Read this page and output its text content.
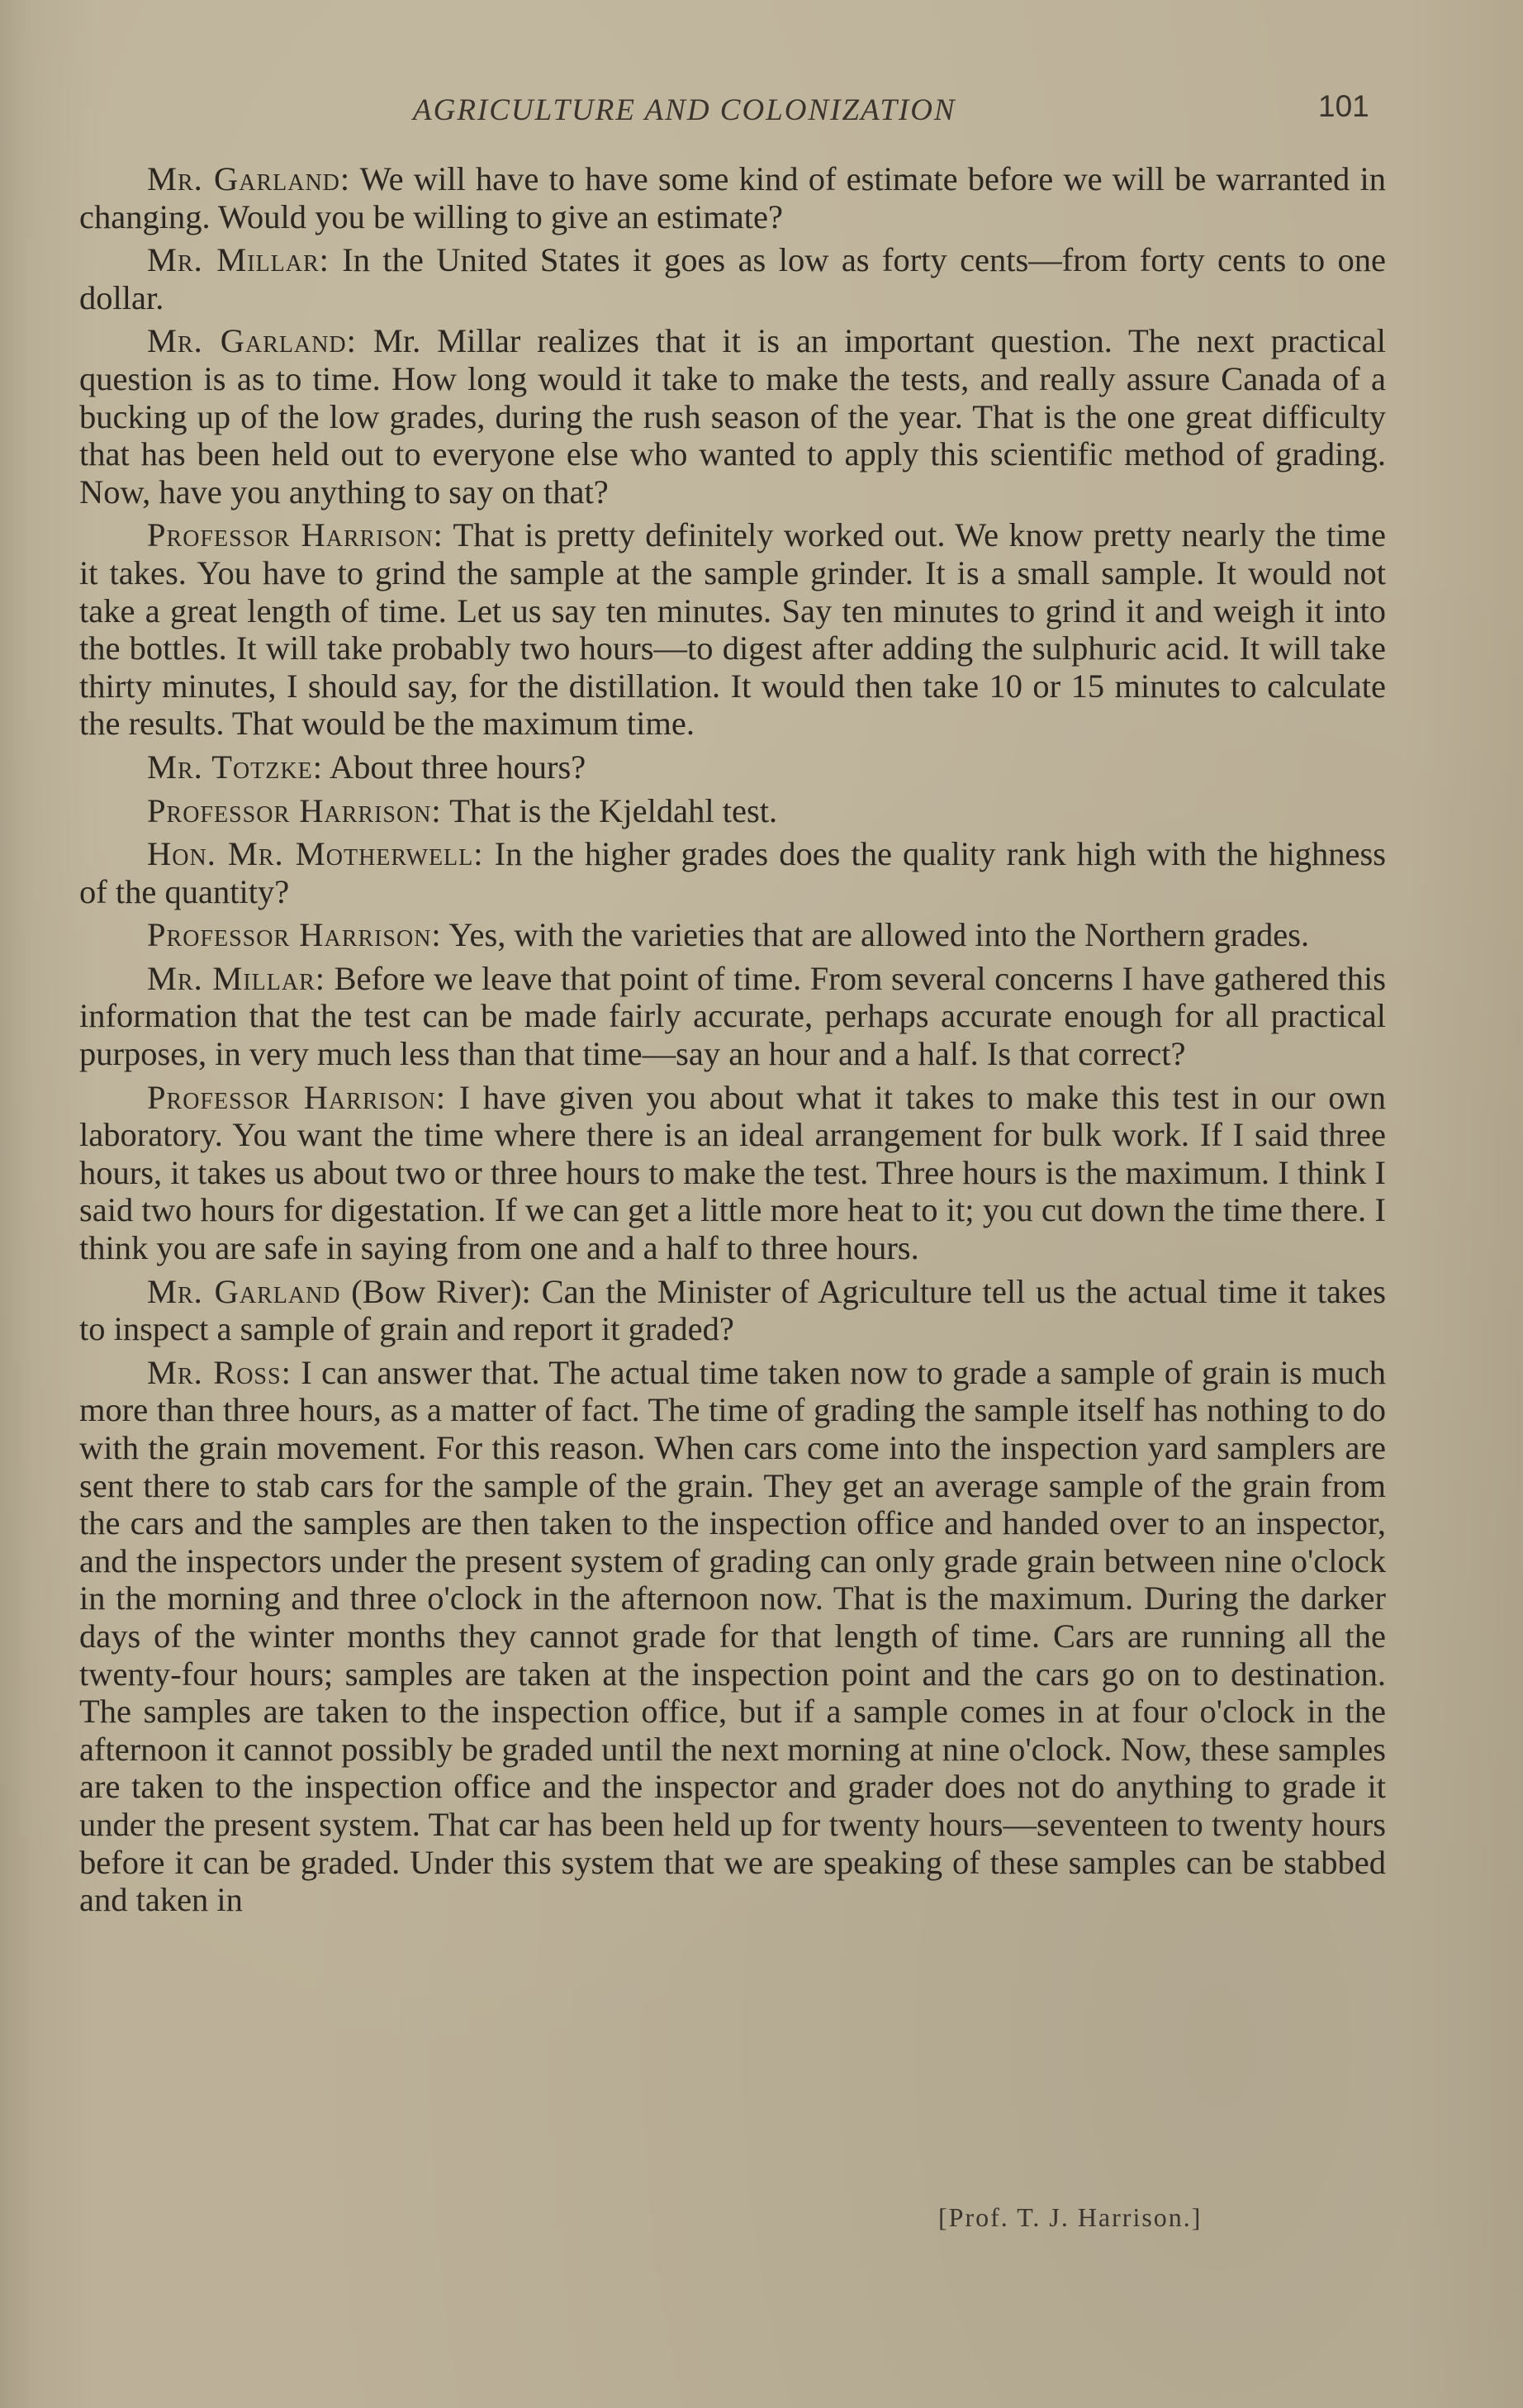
AGRICULTURE AND COLONIZATION	101

Mr. Garland: We will have to have some kind of estimate before we will be warranted in changing. Would you be willing to give an estimate?

Mr. Millar: In the United States it goes as low as forty cents—from forty cents to one dollar.

Mr. Garland: Mr. Millar realizes that it is an important question. The next practical question is as to time. How long would it take to make the tests, and really assure Canada of a bucking up of the low grades, during the rush season of the year. That is the one great difficulty that has been held out to everyone else who wanted to apply this scientific method of grading. Now, have you anything to say on that?

Professor Harrison: That is pretty definitely worked out. We know pretty nearly the time it takes. You have to grind the sample at the sample grinder. It is a small sample. It would not take a great length of time. Let us say ten minutes. Say ten minutes to grind it and weigh it into the bottles. It will take probably two hours—to digest after adding the sulphuric acid. It will take thirty minutes, I should say, for the distillation. It would then take 10 or 15 minutes to calculate the results. That would be the maximum time.

Mr. Totzke: About three hours?

Professor Harrison: That is the Kjeldahl test.

Hon. Mr. Motherwell: In the higher grades does the quality rank high with the highness of the quantity?

Professor Harrison: Yes, with the varieties that are allowed into the Northern grades.

Mr. Millar: Before we leave that point of time. From several concerns I have gathered this information that the test can be made fairly accurate, perhaps accurate enough for all practical purposes, in very much less than that time—say an hour and a half. Is that correct?

Professor Harrison: I have given you about what it takes to make this test in our own laboratory. You want the time where there is an ideal arrangement for bulk work. If I said three hours, it takes us about two or three hours to make the test. Three hours is the maximum. I think I said two hours for digestation. If we can get a little more heat to it; you cut down the time there. I think you are safe in saying from one and a half to three hours.

Mr. Garland (Bow River): Can the Minister of Agriculture tell us the actual time it takes to inspect a sample of grain and report it graded?

Mr. Ross: I can answer that. The actual time taken now to grade a sample of grain is much more than three hours, as a matter of fact. The time of grading the sample itself has nothing to do with the grain movement. For this reason. When cars come into the inspection yard samplers are sent there to stab cars for the sample of the grain. They get an average sample of the grain from the cars and the samples are then taken to the inspection office and handed over to an inspector, and the inspectors under the present system of grading can only grade grain between nine o'clock in the morning and three o'clock in the afternoon now. That is the maximum. During the darker days of the winter months they cannot grade for that length of time. Cars are running all the twenty-four hours; samples are taken at the inspection point and the cars go on to destination. The samples are taken to the inspection office, but if a sample comes in at four o'clock in the afternoon it cannot possibly be graded until the next morning at nine o'clock. Now, these samples are taken to the inspection office and the inspector and grader does not do anything to grade it under the present system. That car has been held up for twenty hours—seventeen to twenty hours before it can be graded. Under this system that we are speaking of these samples can be stabbed and taken in

[Prof. T. J. Harrison.]
